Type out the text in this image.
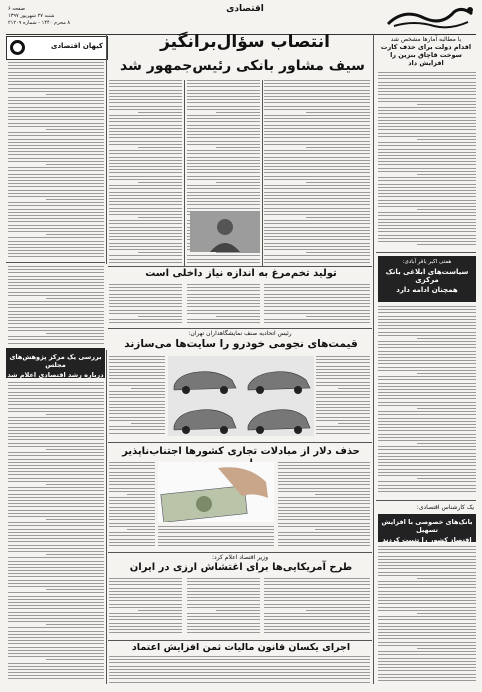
اقتصادی
صفحه ۶
شنبه ۲۷ شهریور ۱۳۹۷
۸ محرم ۱۴۴۰ - شماره ۲۱۲۰۹
انتصاب سؤال‌برانگیز
سیف مشاور بانکی رئیس‌جمهور شد
کیهان اقتصادی
با مطالبه آمارها مشخص شد
اقدام دولت برای حذف کارت سوخت قاچاق بنزین را افزایش داد
تولید تخم‌مرغ به اندازه نیاز داخلی است
رئیس اتحادیه صنف نمایشگاهداران تهران:
قیمت‌های نجومی خودرو را سایت‌ها می‌سازند
حذف دلار از مبادلات تجاری کشورها اجتناب‌ناپذیر
وزیر اقتصاد اعلام کرد:
طرح آمریکایی‌ها برای اغتشاش ارزی در ایران
اجرای یکسان قانون مالیات ثمن افزایش اعتماد
همتی اکبر باقر آبادی:
سیاست‌های ابلاغی بانک مرکزی
همچنان ادامه دارد
یک کارشناس اقتصادی:
بانک‌های خصوصی با افزایش تسهیل
اقتصاد کشور را تثبیت کردند
بررسی یک مرکز پژوهش‌های مجلس
درباره رشد اقتصادی اعلام شد
